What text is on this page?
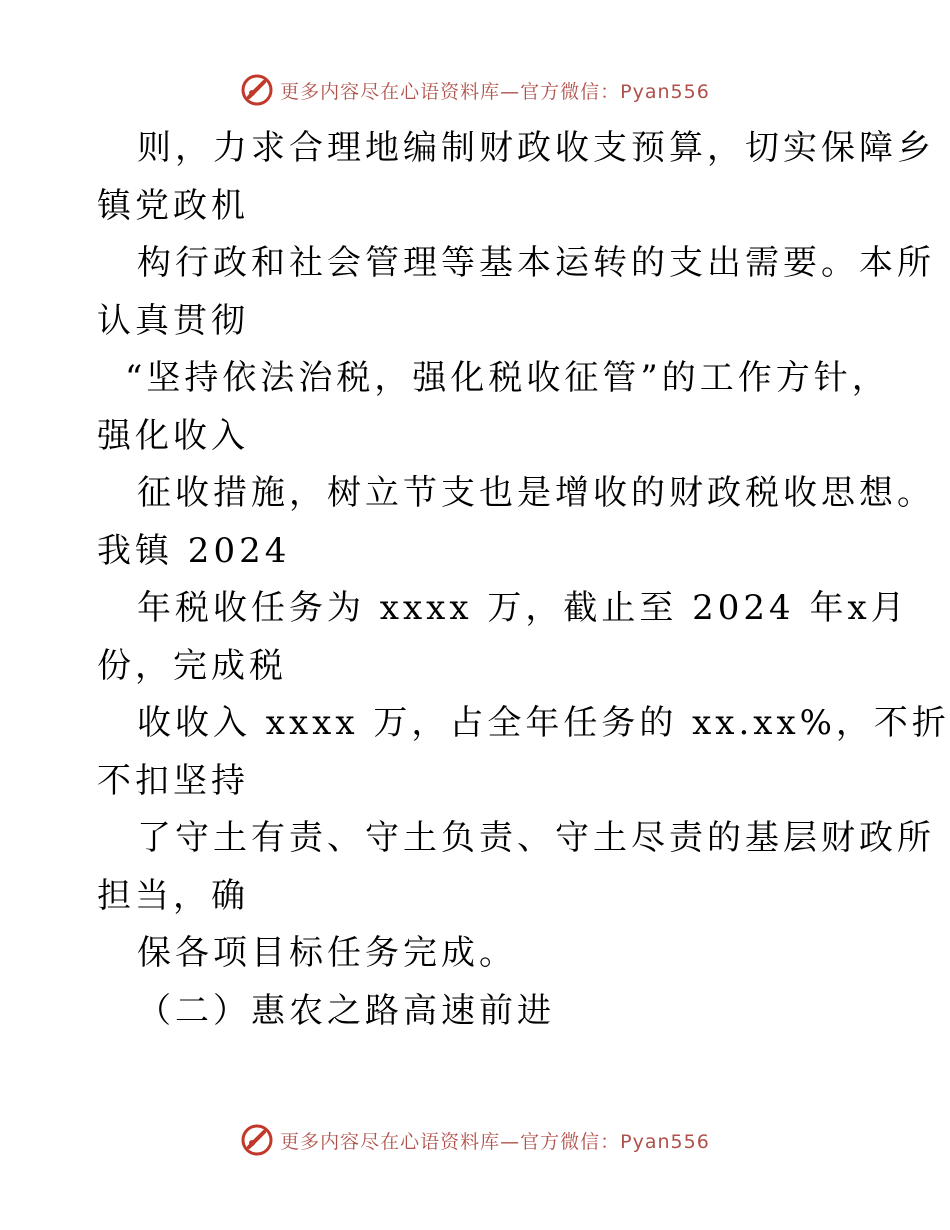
更多内容尽在心语资料库—官方微信：Pyan556
则，力求合理地编制财政收支预算，切实保障乡
镇党政机
构行政和社会管理等基本运转的支出需要。本所
认真贯彻
“坚持依法治税，强化税收征管”的工作方针，
强化收入
征收措施，树立节支也是增收的财政税收思想。
我镇 2024
年税收任务为 xxxx 万，截止至 2024 年x月
份，完成税
收收入 xxxx 万，占全年任务的 xx.xx%，不折
不扣坚持
了守土有责、守土负责、守土尽责的基层财政所
担当，确
保各项目标任务完成。
（二）惠农之路高速前进
更多内容尽在心语资料库—官方微信：Pyan556
